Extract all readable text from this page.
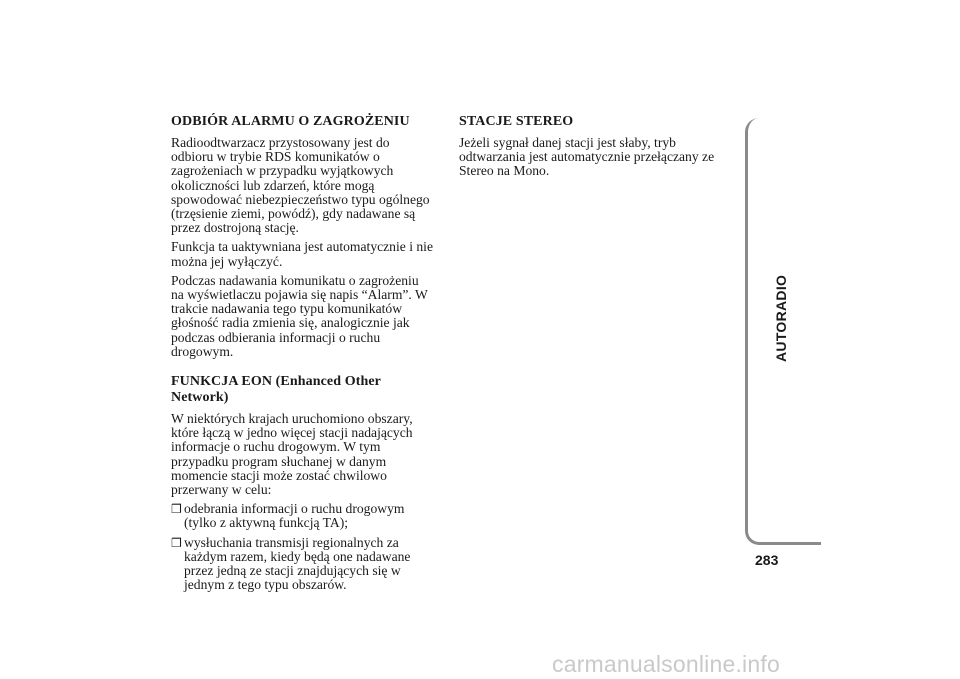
ODBIÓR ALARMU O ZAGROŻENIU

Radioodtwarzacz przystosowany jest do odbioru w trybie RDS komunikatów o zagrożeniach w przypadku wyjątkowych okoliczności lub zdarzeń, które mogą spowodować niebezpieczeństwo typu ogólnego (trzęsienie ziemi, powódź), gdy nadawane są przez dostrojoną stację.

Funkcja ta uaktywniana jest automatycznie i nie można jej wyłączyć.

Podczas nadawania komunikatu o zagrożeniu na wyświetlaczu pojawia się napis “Alarm”. W trakcie nadawania tego typu komunikatów głośność radia zmienia się, analogicznie jak podczas odbierania informacji o ruchu drogowym.

FUNKCJA EON (Enhanced Other Network)

W niektórych krajach uruchomiono obszary, które łączą w jedno więcej stacji nadających informacje o ruchu drogowym. W tym przypadku program słuchanej w danym momencie stacji może zostać chwilowo przerwany w celu:

❒ odebrania informacji o ruchu drogowym (tylko z aktywną funkcją TA);
❒ wysłuchania transmisji regionalnych za każdym razem, kiedy będą one nadawane przez jedną ze stacji znajdujących się w jednym z tego typu obszarów.
STACJE STEREO

Jeżeli sygnał danej stacji jest słaby, tryb odtwarzania jest automatycznie przełączany ze Stereo na Mono.

AUTORADIO
283
carmanualsonline.info
